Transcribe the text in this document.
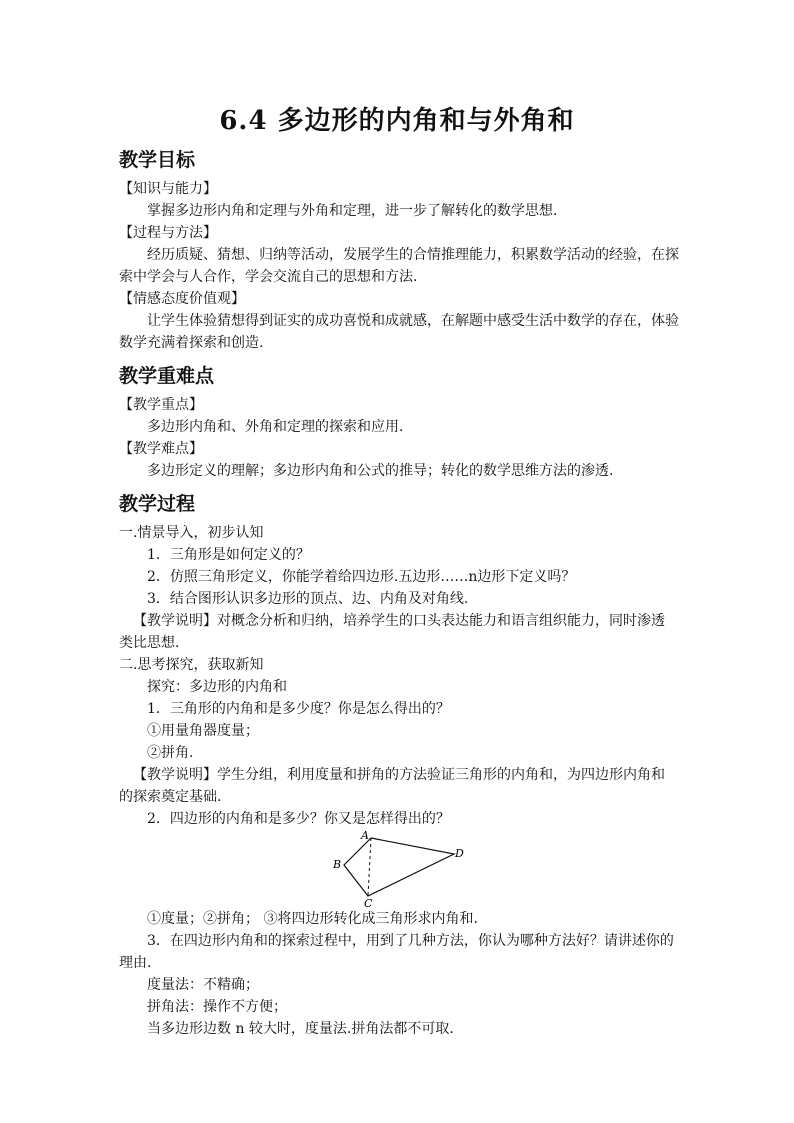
6.4 多边形的内角和与外角和

教学目标

【知识与能力】

掌握多边形内角和定理与外角和定理，进一步了解转化的数学思想.

【过程与方法】

经历质疑、猜想、归纳等活动，发展学生的合情推理能力，积累数学活动的经验，在探

索中学会与人合作，学会交流自己的思想和方法.

【情感态度价值观】

让学生体验猜想得到证实的成功喜悦和成就感，在解题中感受生活中数学的存在，体验

数学充满着探索和创造.

教学重难点

【教学重点】

多边形内角和、外角和定理的探索和应用.

【教学难点】

多边形定义的理解；多边形内角和公式的推导；转化的数学思维方法的渗透.

教学过程

一.情景导入，初步认知

1．三角形是如何定义的？

2．仿照三角形定义，你能学着给四边形.五边形……n边形下定义吗？

3．结合图形认识多边形的顶点、边、内角及对角线.

【教学说明】对概念分析和归纳，培养学生的口头表达能力和语言组织能力，同时渗透

类比思想.

二.思考探究，获取新知

探究：多边形的内角和

1．三角形的内角和是多少度？你是怎么得出的？

①用量角器度量；

②拼角.

【教学说明】学生分组，利用度量和拼角的方法验证三角形的内角和，为四边形内角和

的探索奠定基础.

2．四边形的内角和是多少？你又是怎样得出的？

A
B
C
D

①度量；②拼角； ③将四边形转化成三角形求内角和.

3．在四边形内角和的探索过程中，用到了几种方法，你认为哪种方法好？请讲述你的

理由.

度量法：不精确；

拼角法：操作不方便；

当多边形边数 n 较大时，度量法.拼角法都不可取.
